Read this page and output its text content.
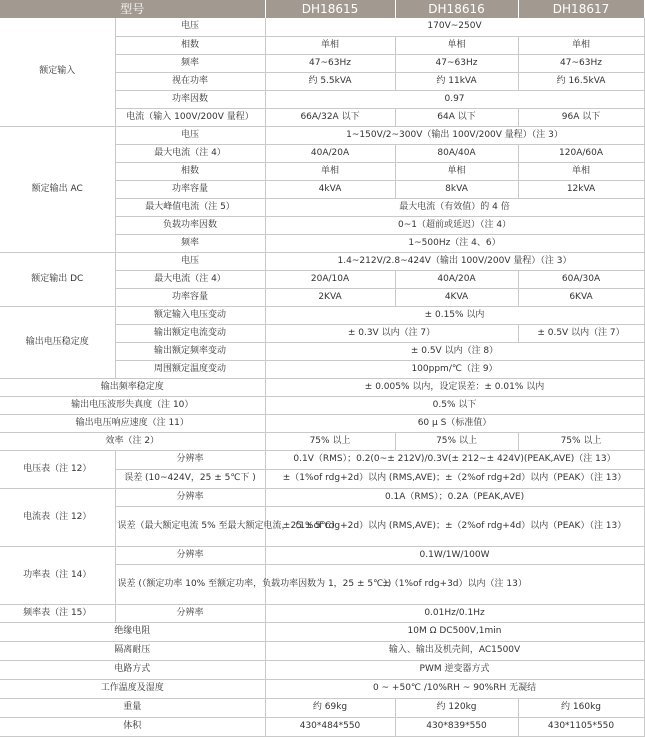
型号		DH18615	DH18616	DH18617
额定输入	电压	170V~250V		
	相数	单相	单相	单相
	频率	47~63Hz	47~63Hz	47~63Hz
	视在功率	约 5.5kVA	约 11kVA	约 16.5kVA
	功率因数	0.97		
	电流（输入 100V/200V 量程）	66A/32A 以下	64A 以下	96A 以下
额定输出 AC	电压	1~150V/2~300V（输出 100V/200V 量程）（注 3）		
	最大电流（注 4）	40A/20A	80A/40A	120A/60A
	相数	单相	单相	单相
	功率容量	4kVA	8kVA	12kVA
	最大峰值电流（注 5）	最大电流（有效值）的 4 倍		
	负载功率因数	0~1（超前或延迟）（注 4）		
	频率	1~500Hz（注 4、6）		
额定输出 DC	电压	1.4~212V/2.8~424V（输出 100V/200V 量程）（注 3）		
	最大电流（注 4）	20A/10A	40A/20A	60A/30A
	功率容量	2KVA	4KVA	6KVA
输出电压稳定度	额定输入电压变动	± 0.15% 以内		
	输出额定电流变动	± 0.3V 以内（注 7）		± 0.5V 以内（注 7）
	输出额定频率变动	± 0.5V 以内（注 8）		
	周围额定温度变动	100ppm/℃（注 9）		
输出频率稳定度		± 0.005% 以内，设定误差：± 0.01% 以内		
输出电压波形失真度（注 10）		0.5% 以下		
输出电压响应速度（注 11）		60 μ S（标准值）		
效率（注 2）		75% 以上	75% 以上	75% 以上
电压表（注 12）	分辨率	0.1V（RMS）；0.2(0~± 212V)/0.3V(± 212~± 424V)(PEAK,AVE)（注 13）		
	误差 (10~424V，25 ± 5℃下 )	±（1%of rdg+2d）以内 (RMS,AVE)；±（2%of rdg+2d）以内（PEAK）（注 13）		
电流表（注 12）	分辨率	0.1A（RMS）；0.2A（PEAK,AVE)		
	误差（最大额定电流 5% 至最大额定电流，25 ± 5℃）	±（1%of rdg+2d）以内 (RMS,AVE)；±（2%of rdg+4d）以内（PEAK）（注 13）		
功率表（注 14）	分辨率	0.1W/1W/100W		
	误差 (（额定功率 10% 至额定功率，负载功率因数为 1，25 ± 5℃）)	±（1%of rdg+3d）以内（注 13）		
频率表（注 15）	分辨率	0.01Hz/0.1Hz		
绝缘电阻		10M Ω DC500V,1min		
隔离耐压		输入、输出及机壳间，AC1500V		
电路方式		PWM 逆变器方式		
工作温度及湿度		0 ~ +50℃ /10%RH ~ 90%RH 无凝结		
重量		约 69kg	约 120kg	约 160kg
体积		430*484*550	430*839*550	430*1105*550
